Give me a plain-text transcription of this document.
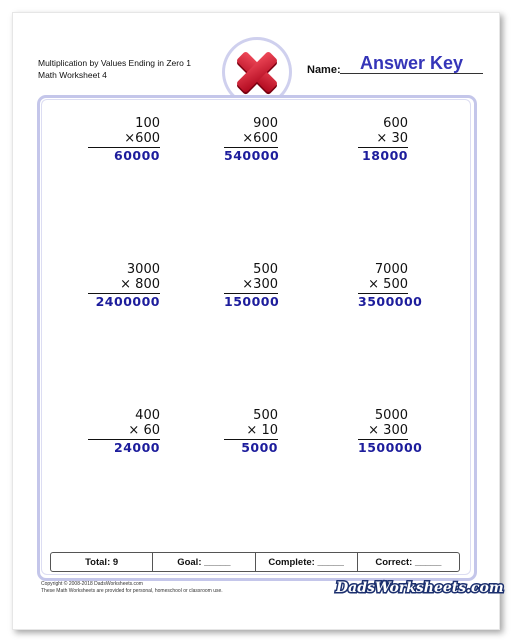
Multiplication by Values Ending in Zero 1
Math Worksheet 4	Name:	Answer Key
100
×600
60000
900
×600
540000
600
× 30
18000
3000
× 800
2400000
500
×300
150000
7000
× 500
3500000
400
× 60
24000
500
× 10
5000
5000
× 300
1500000
Total: 9	Goal: _____	Complete: _____	Correct: _____
Copyright © 2008-2018 DadsWorksheets.com
These Math Worksheets are provided for personal, homeschool or classroom use.	DadsWorksheets.com
